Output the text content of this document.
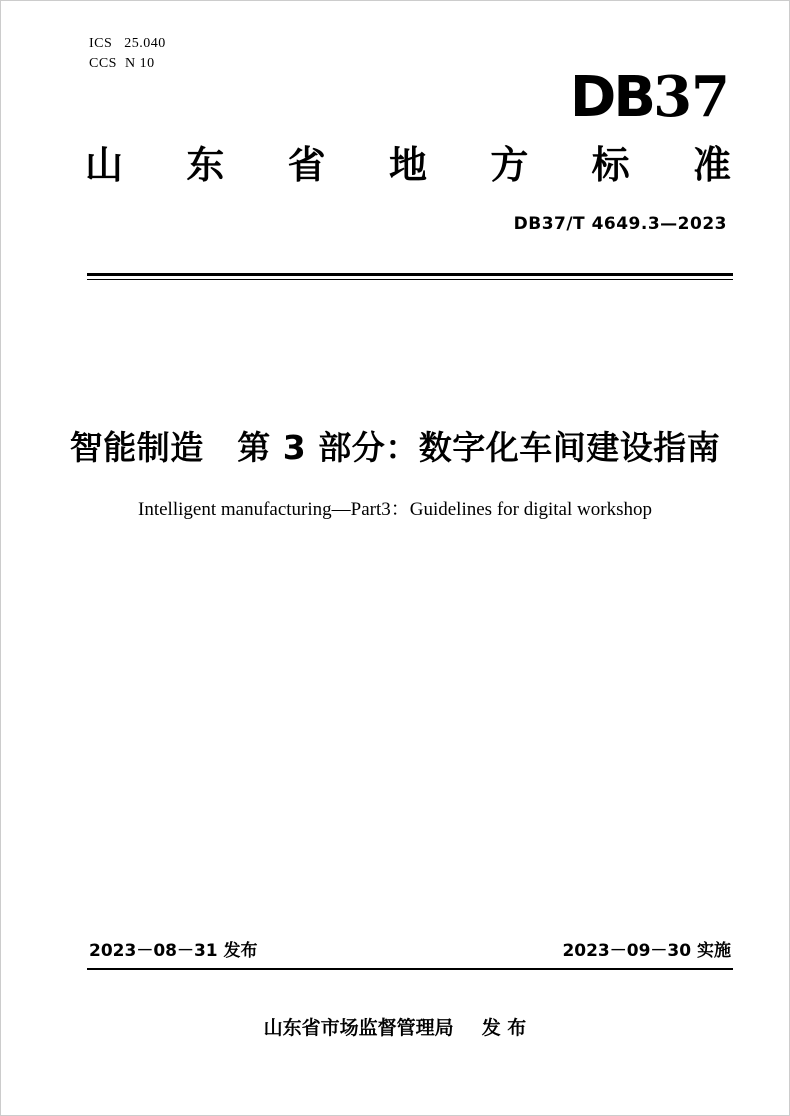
ICS 25.040
CCS N 10
DB37
山 东 省 地 方 标 准
DB37/T 4649.3—2023
智能制造　第 3 部分：数字化车间建设指南
Intelligent manufacturing—Part3：Guidelines for digital workshop
2023－08－31 发布	2023－09－30 实施
山东省市场监督管理局 发 布
